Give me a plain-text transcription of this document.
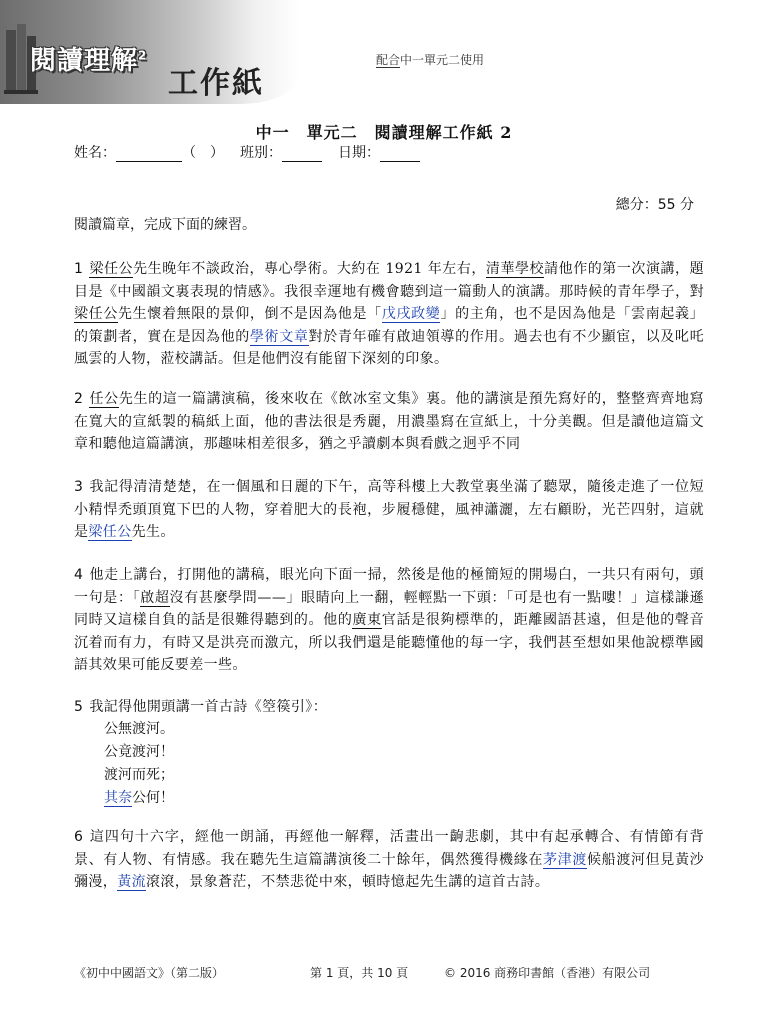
閱讀理解$^2$
工作紙
配合中一單元二使用
中一　單元二　閱讀理解工作紙 2
姓名：	（　） 班別：	日期：
總分：55 分
閱讀篇章，完成下面的練習。
1 梁任公先生晚年不談政治，專心學術。大約在 1921 年左右，清華學校請他作的第一次演講，題目是《中國韻文裏表現的情感》。我很幸運地有機會聽到這一篇動人的演講。那時候的青年學子，對梁任公先生懷着無限的景仰，倒不是因為他是「戊戌政變」的主角，也不是因為他是「雲南起義」的策劃者，實在是因為他的學術文章對於青年確有啟迪領導的作用。過去也有不少顯宦，以及叱吒風雲的人物，蒞校講話。但是他們沒有能留下深刻的印象。
2 任公先生的這一篇講演稿，後來收在《飲冰室文集》裏。他的講演是預先寫好的，整整齊齊地寫在寬大的宣紙製的稿紙上面，他的書法很是秀麗，用濃墨寫在宣紙上，十分美觀。但是讀他這篇文章和聽他這篇講演，那趣味相差很多，猶之乎讀劇本與看戲之迥乎不同
3 我記得清清楚楚，在一個風和日麗的下午，高等科樓上大教堂裏坐滿了聽眾，隨後走進了一位短小精悍禿頭頂寬下巴的人物，穿着肥大的長袍，步履穩健，風神瀟灑，左右顧盼，光芒四射，這就是梁任公先生。
4 他走上講台，打開他的講稿，眼光向下面一掃，然後是他的極簡短的開場白，一共只有兩句，頭一句是：「啟超沒有甚麼學問——」眼睛向上一翻，輕輕點一下頭：「可是也有一點嘍！」這樣謙遜同時又這樣自負的話是很難得聽到的。他的廣東官話是很夠標準的，距離國語甚遠，但是他的聲音沉着而有力，有時又是洪亮而激亢，所以我們還是能聽懂他的每一字，我們甚至想如果他說標準國語其效果可能反要差一些。
5 我記得他開頭講一首古詩《箜篌引》：
公無渡河。
公竟渡河！
渡河而死；
其奈公何！
6 這四句十六字，經他一朗誦，再經他一解釋，活畫出一齣悲劇，其中有起承轉合、有情節有背景、有人物、有情感。我在聽先生這篇講演後二十餘年，偶然獲得機緣在茅津渡候船渡河但見黃沙彌漫，黃流滾滾，景象蒼茫，不禁悲從中來，頓時憶起先生講的這首古詩。
《初中中國語文》（第二版）	第 1 頁，共 10 頁	© 2016 商務印書館（香港）有限公司
